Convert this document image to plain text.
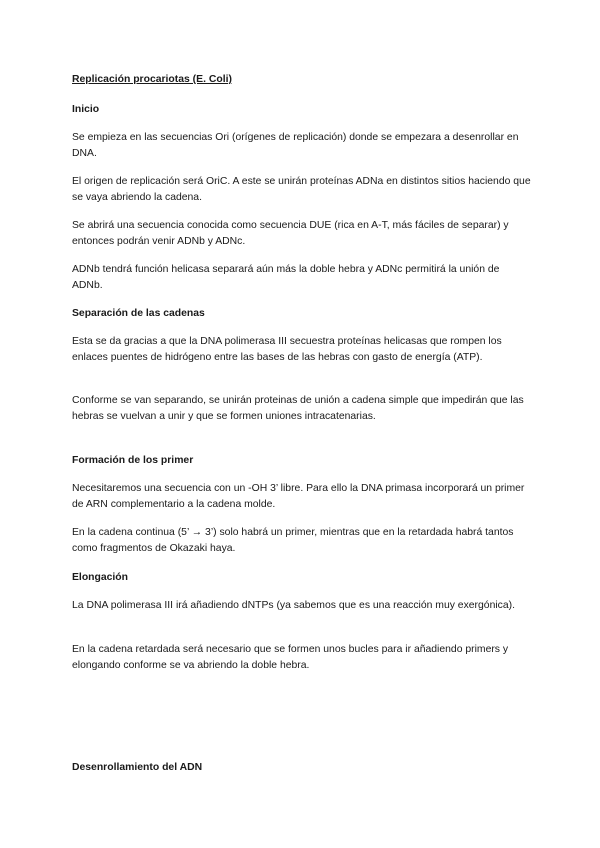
Replicación procariotas (E. Coli)
Inicio

Se empieza en las secuencias Ori (orígenes de replicación) donde se empezara a desenrollar en DNA.

El origen de replicación será OriC. A este se unirán proteínas ADNa en distintos sitios haciendo que se vaya abriendo la cadena.

Se abrirá una secuencia conocida como secuencia DUE (rica en A-T, más fáciles de separar) y entonces podrán venir ADNb y ADNc.

ADNb tendrá función helicasa separará aún más la doble hebra y ADNc permitirá la unión de ADNb.

Separación de las cadenas

Esta se da gracias a que la DNA polimerasa III secuestra proteínas helicasas que rompen los enlaces puentes de hidrógeno entre las bases de las hebras con gasto de energía (ATP).

Conforme se van separando, se unirán proteinas de unión a cadena simple que impedirán que las hebras se vuelvan a unir y que se formen uniones intracatenarias.

Formación de los primer

Necesitaremos una secuencia con un -OH 3’ libre. Para ello la DNA primasa incorporará un primer de ARN complementario a la cadena molde.

En la cadena continua (5’ → 3’) solo habrá un primer, mientras que en la retardada habrá tantos como fragmentos de Okazaki haya.

Elongación

La DNA polimerasa III irá añadiendo dNTPs (ya sabemos que es una reacción muy exergónica).

En la cadena retardada será necesario que se formen unos bucles para ir añadiendo primers y elongando conforme se va abriendo la doble hebra.

Desenrollamiento del ADN
